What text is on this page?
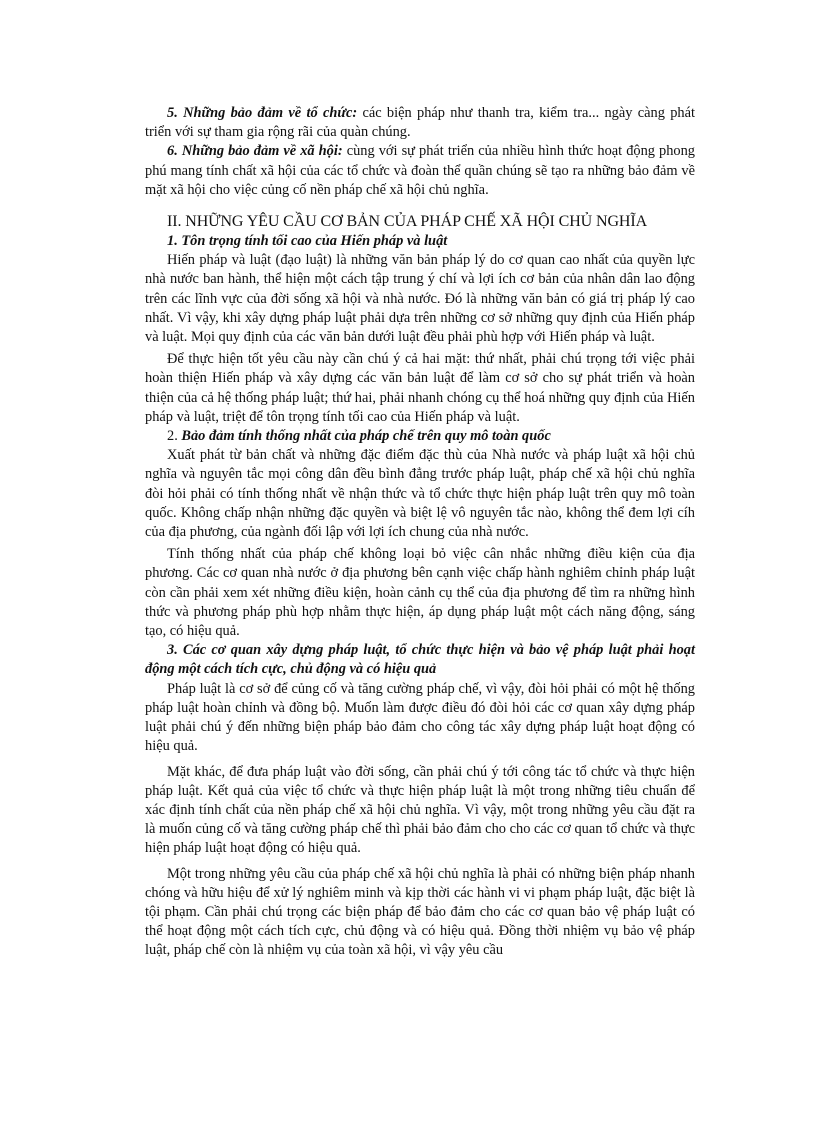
5. Những bảo đảm về tổ chức: các biện pháp như thanh tra, kiểm tra... ngày càng phát triển với sự tham gia rộng rãi của quàn chúng.

6. Những bảo đảm về xã hội: cùng với sự phát triển của nhiều hình thức hoạt động phong phú mang tính chất xã hội của các tổ chức và đoàn thể quần chúng sẽ tạo ra những bảo đảm về mặt xã hội cho việc củng cố nền pháp chế xã hội chủ nghĩa.

II. NHỮNG YÊU CẦU CƠ BẢN CỦA PHÁP CHẾ XÃ HỘI CHỦ NGHĨA

1. Tôn trọng tính tối cao của Hiến pháp và luật

Hiến pháp và luật (đạo luật) là những văn bản pháp lý do cơ quan cao nhất của quyền lực nhà nước ban hành, thể hiện một cách tập trung ý chí và lợi ích cơ bản của nhân dân lao động trên các lĩnh vực của đời sống xã hội và nhà nước. Đó là những văn bản có giá trị pháp lý cao nhất. Vì vậy, khi xây dựng pháp luật phải dựa trên những cơ sở những quy định của Hiến pháp và luật. Mọi quy định của các văn bản dưới luật đều phải phù hợp với Hiến pháp và luật.

Để thực hiện tốt yêu cầu này cần chú ý cả hai mặt: thứ nhất, phải chú trọng tới việc phải hoàn thiện Hiến pháp và xây dựng các văn bản luật để làm cơ sở cho sự phát triển và hoàn thiện của cả hệ thống pháp luật; thứ hai, phải nhanh chóng cụ thể hoá những quy định của Hiến pháp và luật, triệt để tôn trọng tính tối cao của Hiến pháp và luật.

2. Bảo đảm tính thống nhất của pháp chế trên quy mô toàn quốc

Xuất phát từ bản chất và những đặc điểm đặc thù của Nhà nước và pháp luật xã hội chủ nghĩa và nguyên tắc mọi công dân đều bình đẳng trước pháp luật, pháp chế xã hội chủ nghĩa đòi hỏi phải có tính thống nhất về nhận thức và tổ chức thực hiện pháp luật trên quy mô toàn quốc. Không chấp nhận những đặc quyền và biệt lệ vô nguyên tắc nào, không thể đem lợi cíh của địa phương, của ngành đối lập với lợi ích chung của nhà nước.

Tính thống nhất của pháp chế không loại bỏ việc cân nhắc những điều kiện của địa phương. Các cơ quan nhà nước ở địa phương bên cạnh việc chấp hành nghiêm chỉnh pháp luật còn cần phải xem xét những điều kiện, hoàn cảnh cụ thể của địa phương để tìm ra những hình thức và phương pháp phù hợp nhằm thực hiện, áp dụng pháp luật một cách năng động, sáng tạo, có hiệu quả.

3. Các cơ quan xây dựng pháp luật, tổ chức thực hiện và bảo vệ pháp luật phải hoạt động một cách tích cực, chủ động và có hiệu quả

Pháp luật là cơ sở để củng cố và tăng cường pháp chế, vì vậy, đòi hỏi phải có một hệ thống pháp luật hoàn chỉnh và đồng bộ. Muốn làm được điều đó đòi hỏi các cơ quan xây dựng pháp luật phải chú ý đến những biện pháp bảo đảm cho công tác xây dựng pháp luật hoạt động có hiệu quả.

Mặt khác, để đưa pháp luật vào đời sống, cần phải chú ý tới công tác tổ chức và thực hiện pháp luật. Kết quả của việc tổ chức và thực hiện pháp luật là một trong những tiêu chuẩn để xác định tính chất của nền pháp chế xã hội chủ nghĩa. Vì vậy, một trong những yêu cầu đặt ra là muốn củng cố và tăng cường pháp chế thì phải bảo đảm cho cho các cơ quan tổ chức và thực hiện pháp luật hoạt động có hiệu quả.

Một trong những yêu cầu của pháp chế xã hội chủ nghĩa là phải có những biện pháp nhanh chóng và hữu hiệu để xử lý nghiêm minh và kịp thời các hành vi vi phạm pháp luật, đặc biệt là tội phạm. Cần phải chú trọng các biện pháp để bảo đảm cho các cơ quan bảo vệ pháp luật có thể hoạt động một cách tích cực, chủ động và có hiệu quả. Đồng thời nhiệm vụ bảo vệ pháp luật, pháp chế còn là nhiệm vụ của toàn xã hội, vì vậy yêu cầu
